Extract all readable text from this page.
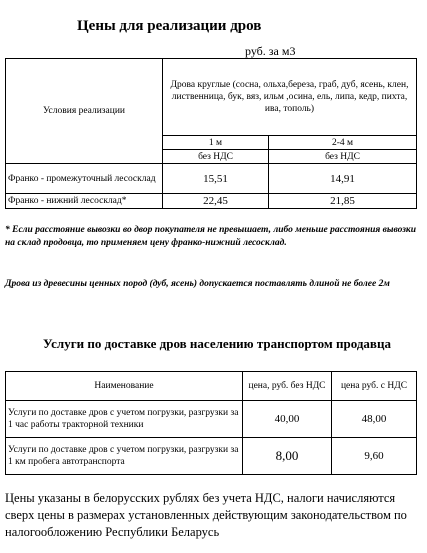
Цены для реализации дров
руб. за м3
Условия реализации	Дрова круглые (сосна, ольха,береза, граб, дуб, ясень, клен, лиственница, бук, вяз, ильм ,осина, ель, липа, кедр, пихта, ива, тополь)	
	1 м	2-4 м
	без НДС	без НДС
Франко - промежуточный лесосклад	15,51	14,91
Франко - нижний лесосклад*	22,45	21,85
* Если расстояние вывозки во двор покупателя не превышает, либо меньше расстояния вывозки на склад продовца, то применяем цену франко-нижний лесосклад.
Дрова из древесины ценных пород (дуб, ясень) допускается поставлять длиной не более 2м
Услуги по доставке дров населению транспортом продавца
Наименование	цена, руб. без НДС	цена руб. с НДС
Услуги по доставке дров с учетом погрузки, разгрузки за 1 час работы тракторной техники	40,00	48,00
Услуги по доставке дров с учетом погрузки, разгрузки за 1 км пробега автотранспорта	8,00	9,60
Цены указаны в белорусских рублях без учета НДС, налоги начисляются сверх цены в размерах установленных действующим законодательством по налогообложению Республики Беларусь
